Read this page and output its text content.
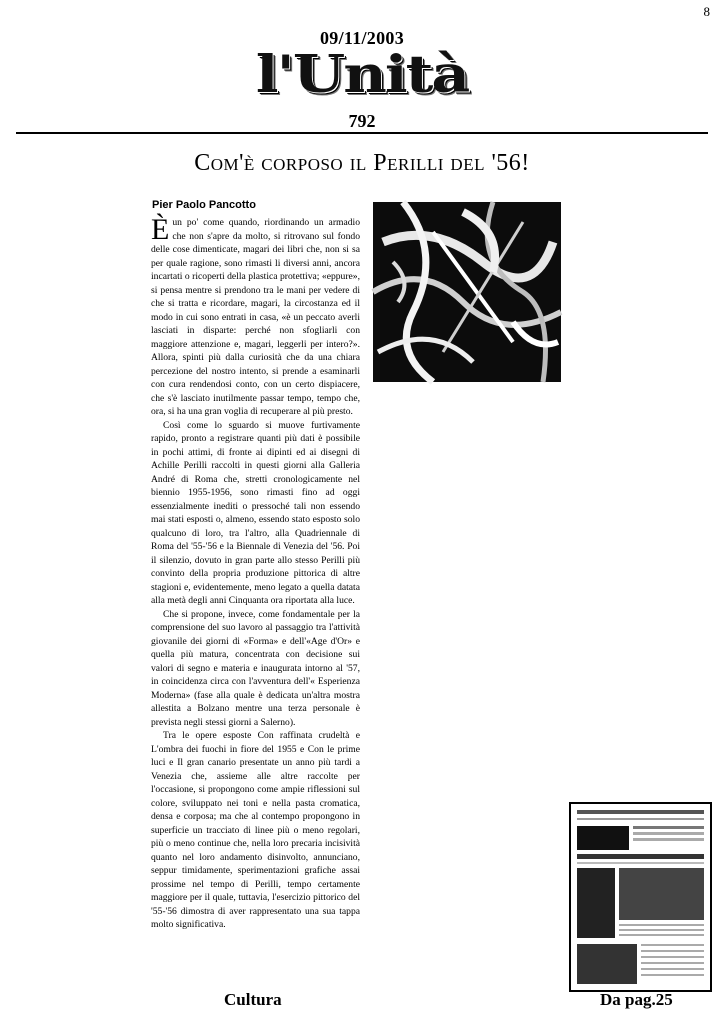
8
09/11/2003
l'Unità
792
Com'è corposo il Perilli del '56!
Pier Paolo Pancotto

È un po' come quando, riordinando un armadio che non s'apre da molto, si ritrovano sul fondo delle cose dimenticate, magari dei libri che, non si sa per quale ragione, sono rimasti li diversi anni, ancora incartati o ricoperti della plastica protettiva; «eppure», si pensa mentre si prendono tra le mani per vedere di che si tratta e ricordare, magari, la circostanza ed il modo in cui sono entrati in casa, «è un peccato averli lasciati in disparte: perché non sfogliarli con maggiore attenzione e, magari, leggerli per intero?». Allora, spinti più dalla curiosità che da una chiara percezione del nostro intento, si prende a esaminarli con cura rendendosi conto, con un certo dispiacere, che s'è lasciato inutilmente passar tempo, tempo che, ora, si ha una gran voglia di recuperare al più presto.

Così come lo sguardo si muove furtivamente rapido, pronto a registrare quanti più dati è possibile in pochi attimi, di fronte ai dipinti ed ai disegni di Achille Perilli raccolti in questi giorni alla Galleria André di Roma che, stretti cronologicamente nel biennio 1955-1956, sono rimasti fino ad oggi essenzialmente inediti o pressoché tali non essendo mai stati esposti o, almeno, essendo stato esposto solo qualcuno di loro, tra l'altro, alla Quadriennale di Roma del '55-'56 e la Biennale di Venezia del '56. Poi il silenzio, dovuto in gran parte allo stesso Perilli più convinto della propria produzione pittorica di altre stagioni e, evidentemente, meno legato a quella datata alla metà degli anni Cinquanta ora riportata alla luce.

Che si propone, invece, come fondamentale per la comprensione del suo lavoro al passaggio tra l'attività giovanile dei giorni di «Forma» e dell'«Age d'Or» e quella più matura, concentrata con decisione sui valori di segno e materia e inaugurata intorno al '57, in coincidenza circa con l'avventura dell'« Esperienza Moderna» (fase alla quale è dedicata un'altra mostra allestita a Bolzano mentre una terza personale è prevista negli stessi giorni a Salerno).

Tra le opere esposte Con raffinata crudeltà e L'ombra dei fuochi in fiore del 1955 e Con le prime luci e Il gran canario presentate un anno più tardi a Venezia che, assieme alle altre raccolte per l'occasione, si propongono come ampie riflessioni sul colore, sviluppato nei toni e nella pasta cromatica, densa e corposa; ma che al contempo propongono in superficie un tracciato di linee più o meno regolari, più o meno continue che, nella loro precaria incisività quanto nel loro andamento disinvolto, annunciano, seppur timidamente, sperimentazioni grafiche assai prossime nel tempo di Perilli, tempo certamente maggiore per il quale, tuttavia, l'esercizio pittorico del '55-'56 dimostra di aver rappresentato una sua tappa molto significativa.

Cultura	Da pag.25
